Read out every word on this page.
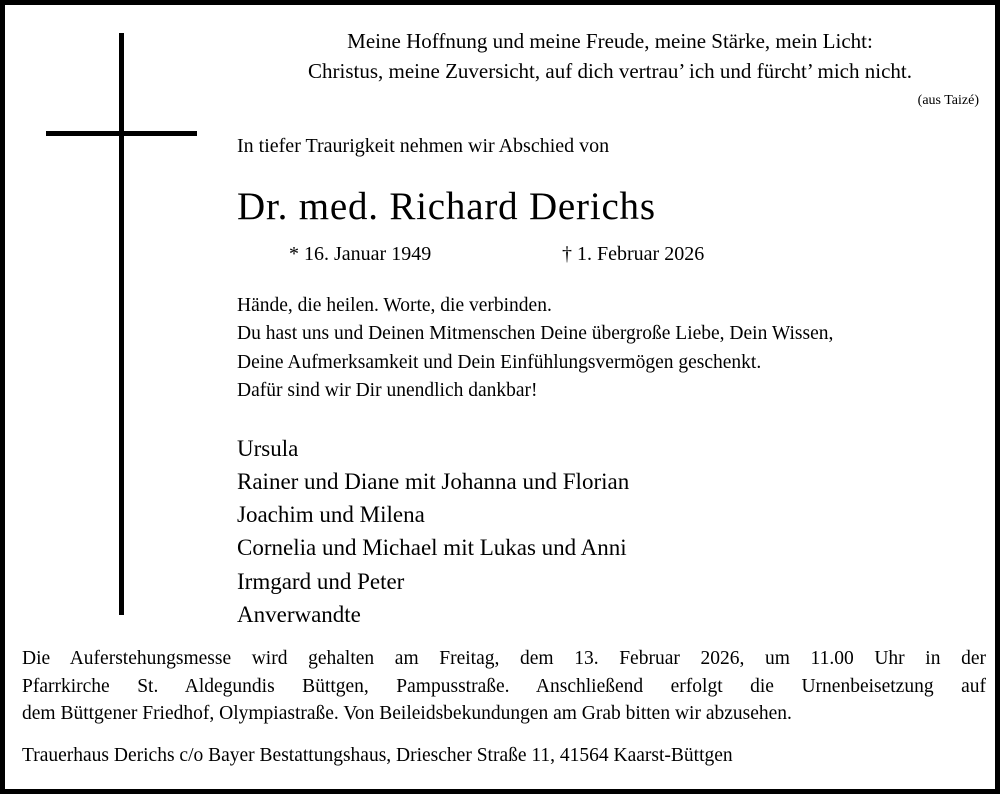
Meine Hoffnung und meine Freude, meine Stärke, mein Licht:
Christus, meine Zuversicht, auf dich vertrau’ ich und fürcht’ mich nicht.
(aus Taizé)
In tiefer Traurigkeit nehmen wir Abschied von
Dr. med. Richard Derichs
* 16. Januar 1949	† 1. Februar 2026
Hände, die heilen. Worte, die verbinden.
Du hast uns und Deinen Mitmenschen Deine übergroße Liebe, Dein Wissen,
Deine Aufmerksamkeit und Dein Einfühlungsvermögen geschenkt.
Dafür sind wir Dir unendlich dankbar!
Ursula
Rainer und Diane mit Johanna und Florian
Joachim und Milena
Cornelia und Michael mit Lukas und Anni
Irmgard und Peter
Anverwandte
Die Auferstehungsmesse wird gehalten am Freitag, dem 13. Februar 2026, um 11.00 Uhr in der
Pfarrkirche St. Aldegundis Büttgen, Pampusstraße. Anschließend erfolgt die Urnenbeisetzung auf
dem Büttgener Friedhof, Olympiastraße. Von Beileidsbekundungen am Grab bitten wir abzusehen.
Trauerhaus Derichs c/o Bayer Bestattungshaus, Driescher Straße 11, 41564 Kaarst-Büttgen
